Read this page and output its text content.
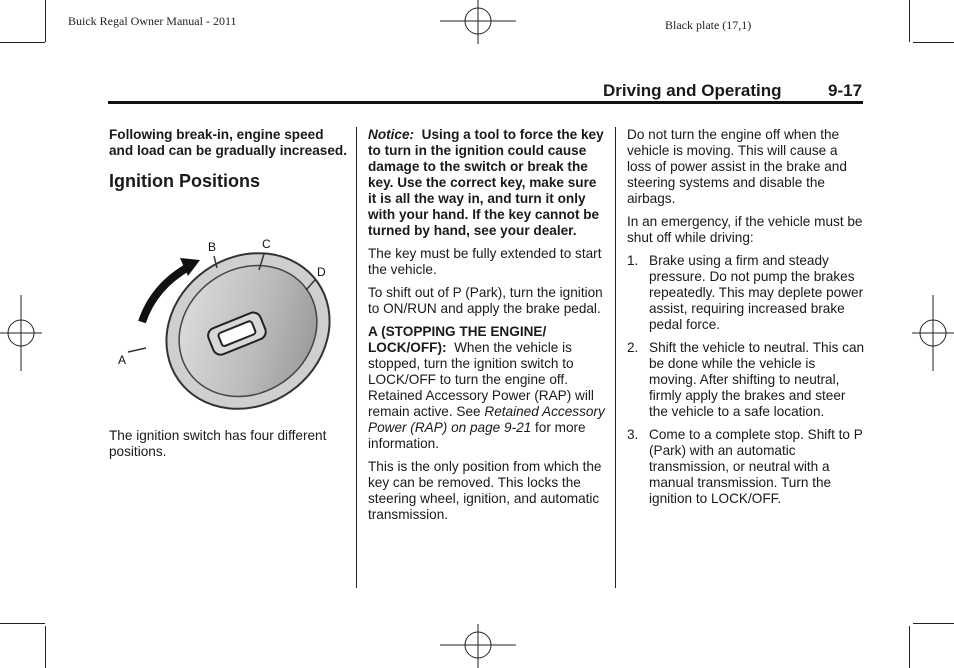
Buick Regal Owner Manual - 2011	Black plate (17,1)
Driving and Operating	9-17

Following break-in, engine speed and load can be gradually increased.

Ignition Positions
B	C
D
A

The ignition switch has four different positions.

Notice: Using a tool to force the key to turn in the ignition could cause damage to the switch or break the key. Use the correct key, make sure it is all the way in, and turn it only with your hand. If the key cannot be turned by hand, see your dealer.

The key must be fully extended to start the vehicle.

To shift out of P (Park), turn the ignition to ON/RUN and apply the brake pedal.

A (STOPPING THE ENGINE/ LOCK/OFF): When the vehicle is stopped, turn the ignition switch to LOCK/OFF to turn the engine off. Retained Accessory Power (RAP) will remain active. See Retained Accessory Power (RAP) on page 9-21 for more information.

This is the only position from which the key can be removed. This locks the steering wheel, ignition, and automatic transmission.

Do not turn the engine off when the vehicle is moving. This will cause a loss of power assist in the brake and steering systems and disable the airbags.

In an emergency, if the vehicle must be shut off while driving:

1. Brake using a firm and steady pressure. Do not pump the brakes repeatedly. This may deplete power assist, requiring increased brake pedal force.
2. Shift the vehicle to neutral. This can be done while the vehicle is moving. After shifting to neutral, firmly apply the brakes and steer the vehicle to a safe location.
3. Come to a complete stop. Shift to P (Park) with an automatic transmission, or neutral with a manual transmission. Turn the ignition to LOCK/OFF.
